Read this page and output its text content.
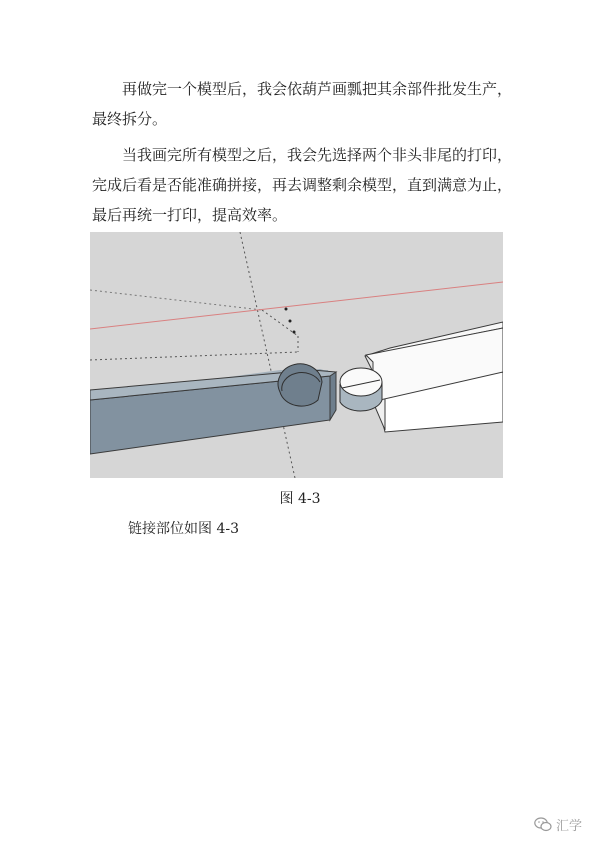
再做完一个模型后，我会依葫芦画瓢把其余部件批发生产，最终拆分。

当我画完所有模型之后，我会先选择两个非头非尾的打印，完成后看是否能准确拼接，再去调整剩余模型，直到满意为止，最后再统一打印，提高效率。

图 4-3
链接部位如图 4-3
汇学
